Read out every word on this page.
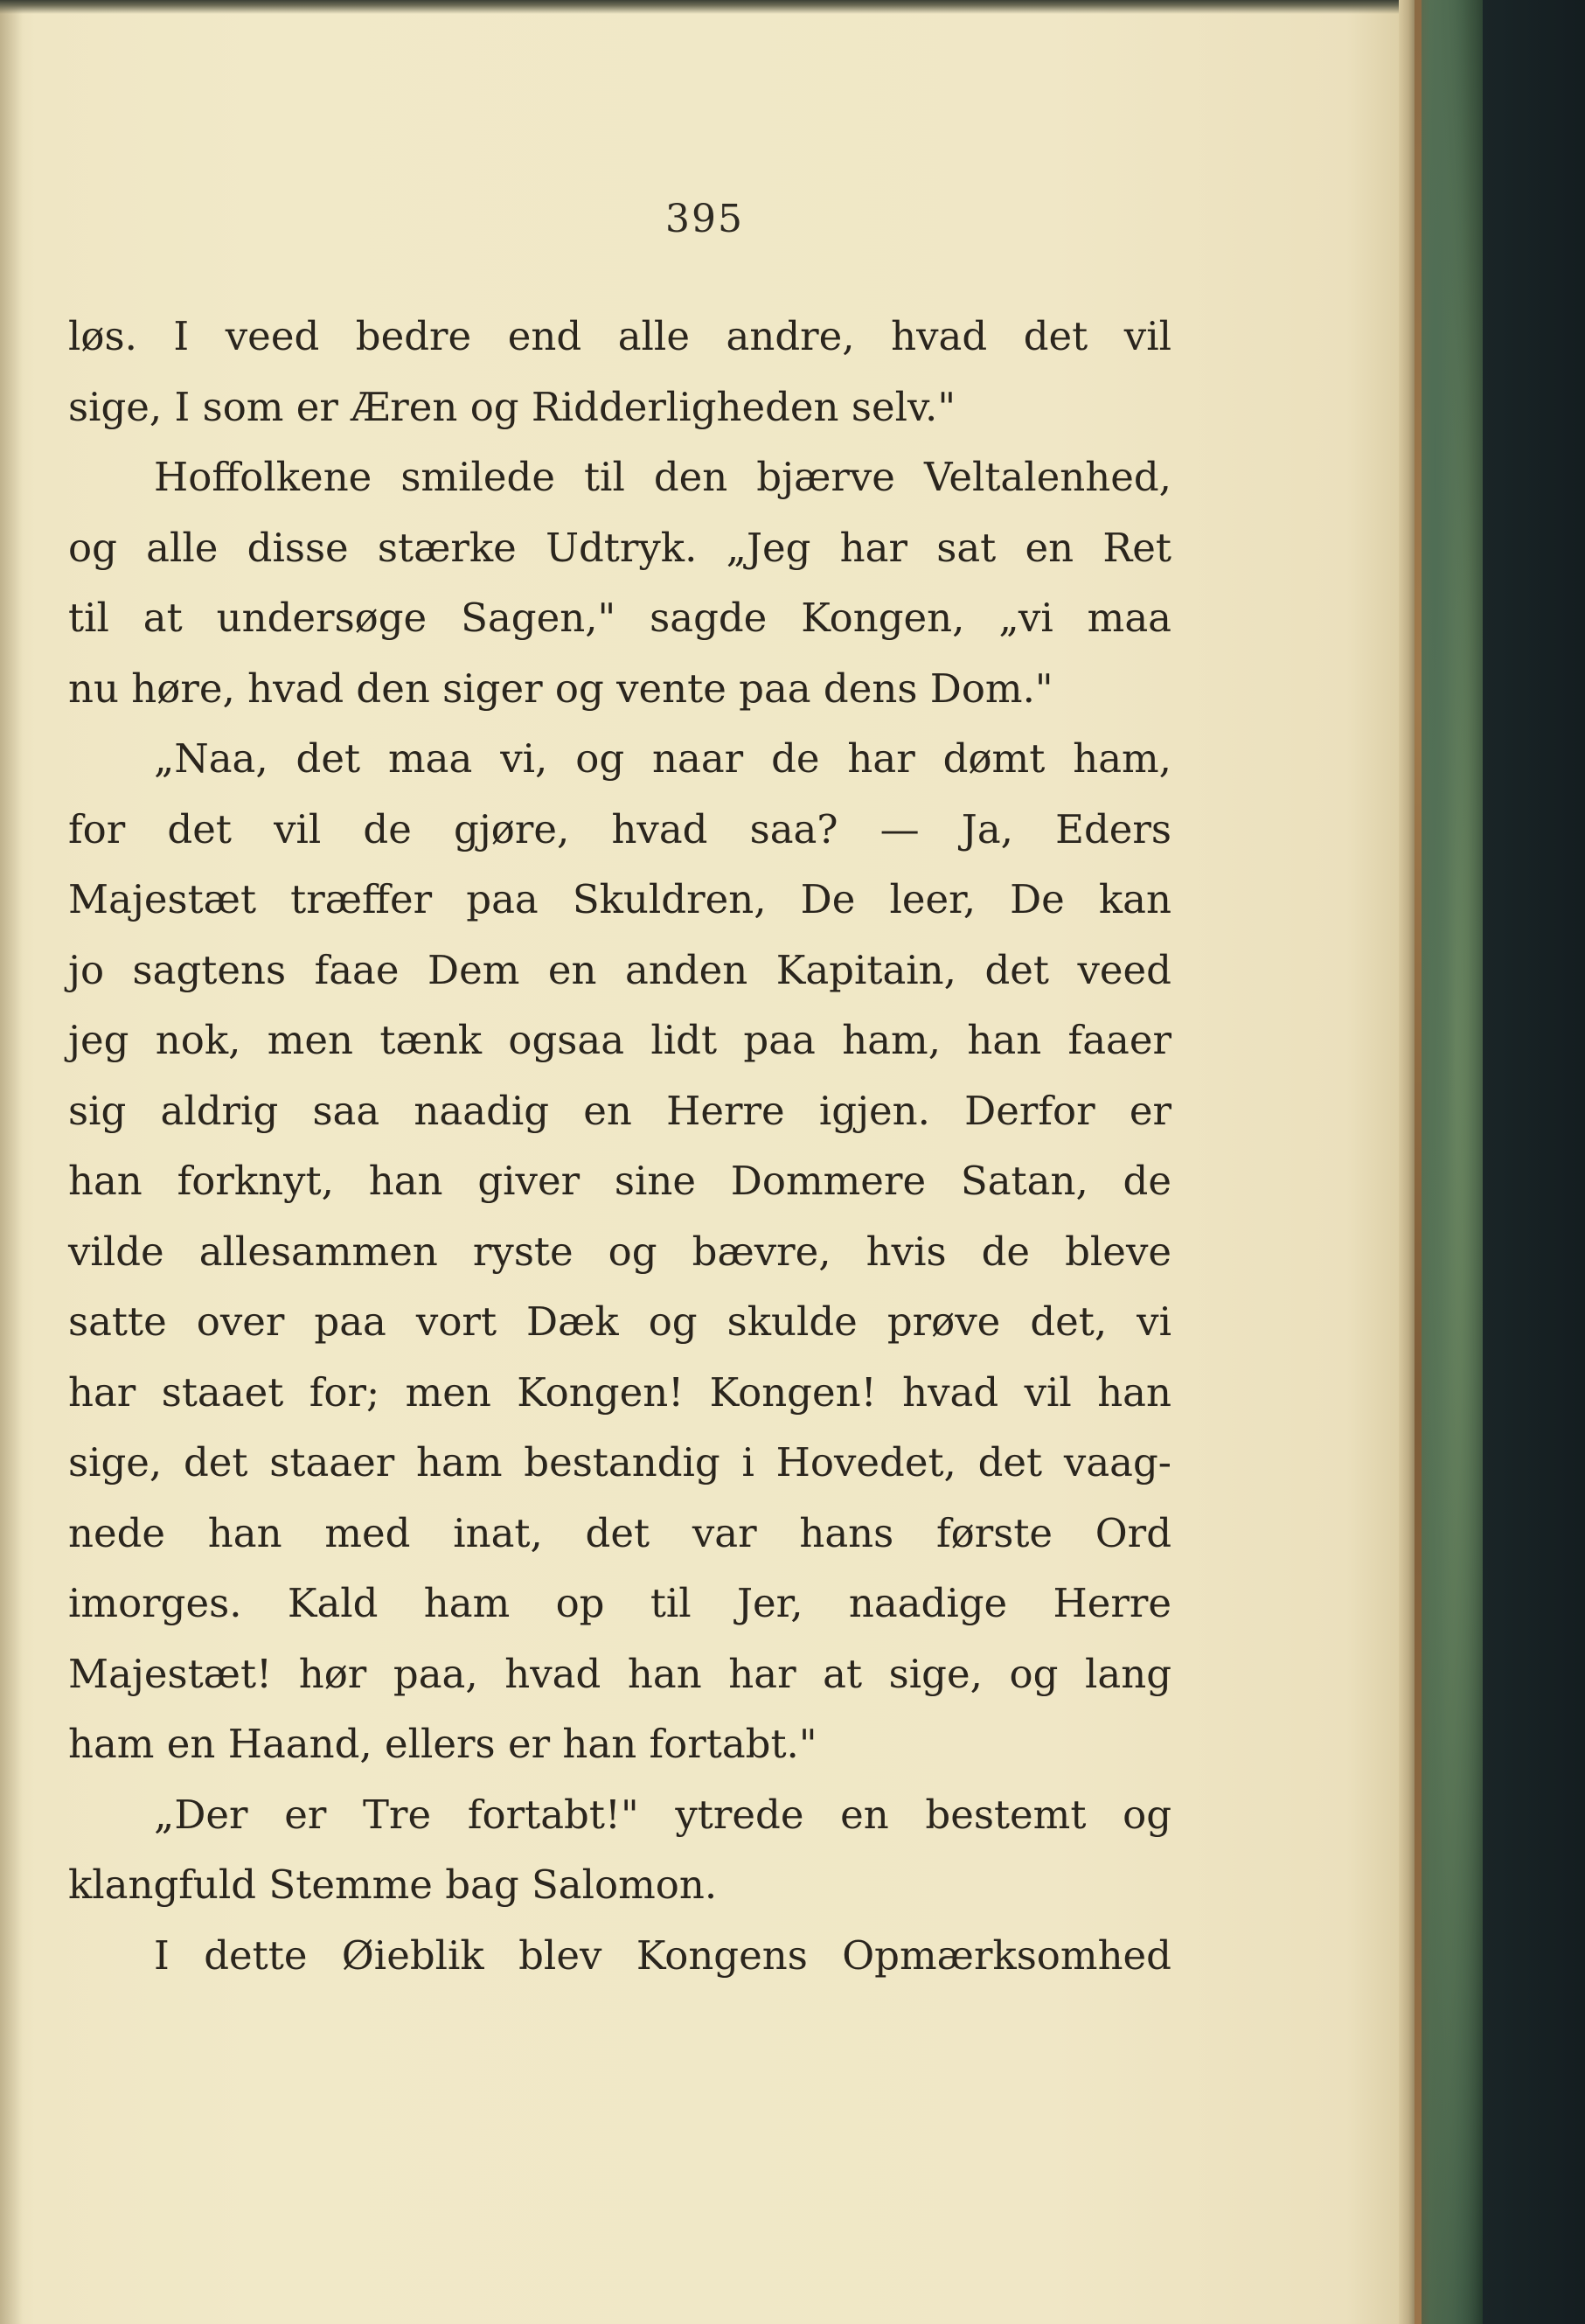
395
løs. I veed bedre end alle andre, hvad det vil
sige, I som er Æren og Ridderligheden selv."
Hoffolkene smilede til den bjærve Veltalenhed,
og alle disse stærke Udtryk. „Jeg har sat en Ret
til at undersøge Sagen," sagde Kongen, „vi maa
nu høre, hvad den siger og vente paa dens Dom."
„Naa, det maa vi, og naar de har dømt ham,
for det vil de gjøre, hvad saa? — Ja, Eders
Majestæt træffer paa Skuldren, De leer, De kan
jo sagtens faae Dem en anden Kapitain, det veed
jeg nok, men tænk ogsaa lidt paa ham, han faaer
sig aldrig saa naadig en Herre igjen. Derfor er
han forknyt, han giver sine Dommere Satan, de
vilde allesammen ryste og bævre, hvis de bleve
satte over paa vort Dæk og skulde prøve det, vi
har staaet for; men Kongen! Kongen! hvad vil han
sige, det staaer ham bestandig i Hovedet, det vaag-
nede han med inat, det var hans første Ord
imorges. Kald ham op til Jer, naadige Herre
Majestæt! hør paa, hvad han har at sige, og lang
ham en Haand, ellers er han fortabt."
„Der er Tre fortabt!" ytrede en bestemt og
klangfuld Stemme bag Salomon.
I dette Øieblik blev Kongens Opmærksomhed
